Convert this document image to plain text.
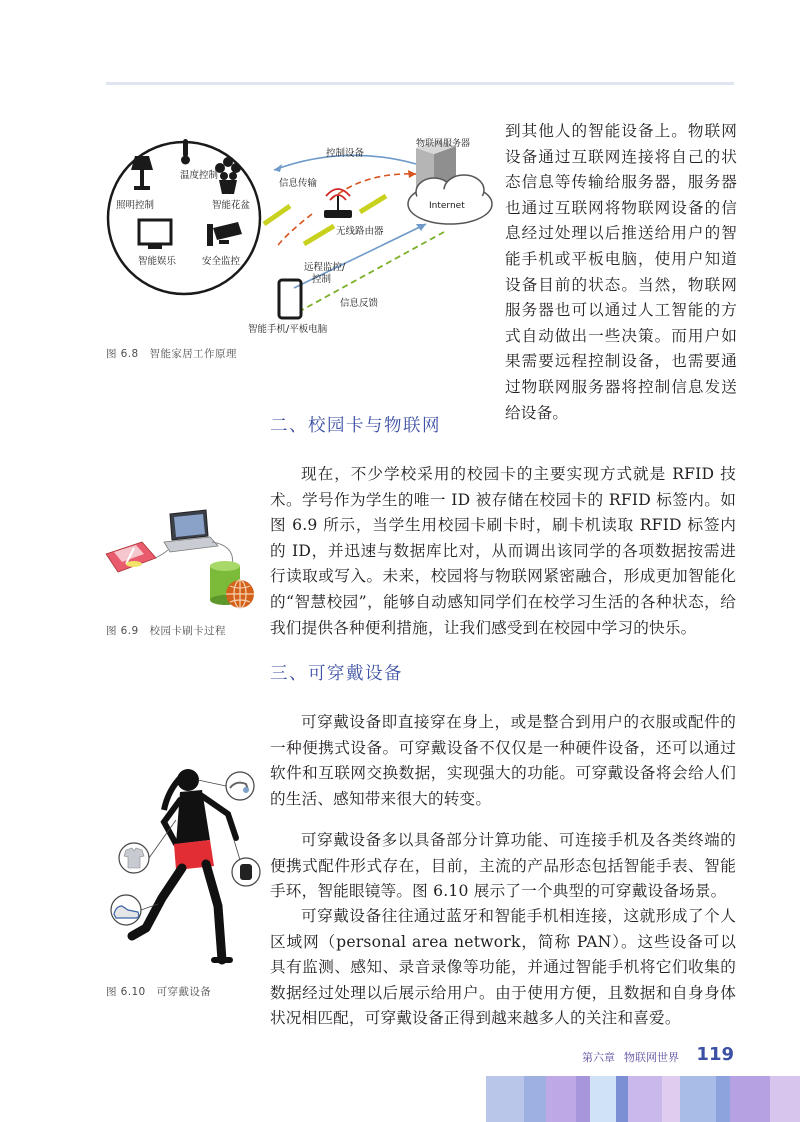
温度控制
照明控制	智能花盆
智能娱乐	安全监控
物联网服务器
Internet
控制设备
信息传输
无线路由器
远程监控/
控制
信息反馈
智能手机/平板电脑
图 6.8 智能家居工作原理

到其他人的智能设备上。物联网设备通过互联网连接将自己的状态信息等传输给服务器，服务器也通过互联网将物联网设备的信息经过处理以后推送给用户的智能手机或平板电脑，使用户知道设备目前的状态。当然，物联网服务器也可以通过人工智能的方式自动做出一些决策。而用户如果需要远程控制设备，也需要通过物联网服务器将控制信息发送给设备。

二、校园卡与物联网

现在，不少学校采用的校园卡的主要实现方式就是 RFID 技术。学号作为学生的唯一 ID 被存储在校园卡的 RFID 标签内。如图 6.9 所示，当学生用校园卡刷卡时，刷卡机读取 RFID 标签内的 ID，并迅速与数据库比对，从而调出该同学的各项数据按需进行读取或写入。未来，校园将与物联网紧密融合，形成更加智能化的“智慧校园”，能够自动感知同学们在校学习生活的各种状态，给我们提供各种便利措施，让我们感受到在校园中学习的快乐。

图 6.9 校园卡刷卡过程
三、可穿戴设备

可穿戴设备即直接穿在身上，或是整合到用户的衣服或配件的一种便携式设备。可穿戴设备不仅仅是一种硬件设备，还可以通过软件和互联网交换数据，实现强大的功能。可穿戴设备将会给人们的生活、感知带来很大的转变。

可穿戴设备多以具备部分计算功能、可连接手机及各类终端的便携式配件形式存在，目前，主流的产品形态包括智能手表、智能手环，智能眼镜等。图 6.10 展示了一个典型的可穿戴设备场景。

可穿戴设备往往通过蓝牙和智能手机相连接，这就形成了个人区域网（personal area network，简称 PAN）。这些设备可以具有监测、感知、录音录像等功能，并通过智能手机将它们收集的数据经过处理以后展示给用户。由于使用方便，且数据和自身身体状况相匹配，可穿戴设备正得到越来越多人的关注和喜爱。

图 6.10 可穿戴设备
第六章 物联网世界 119
